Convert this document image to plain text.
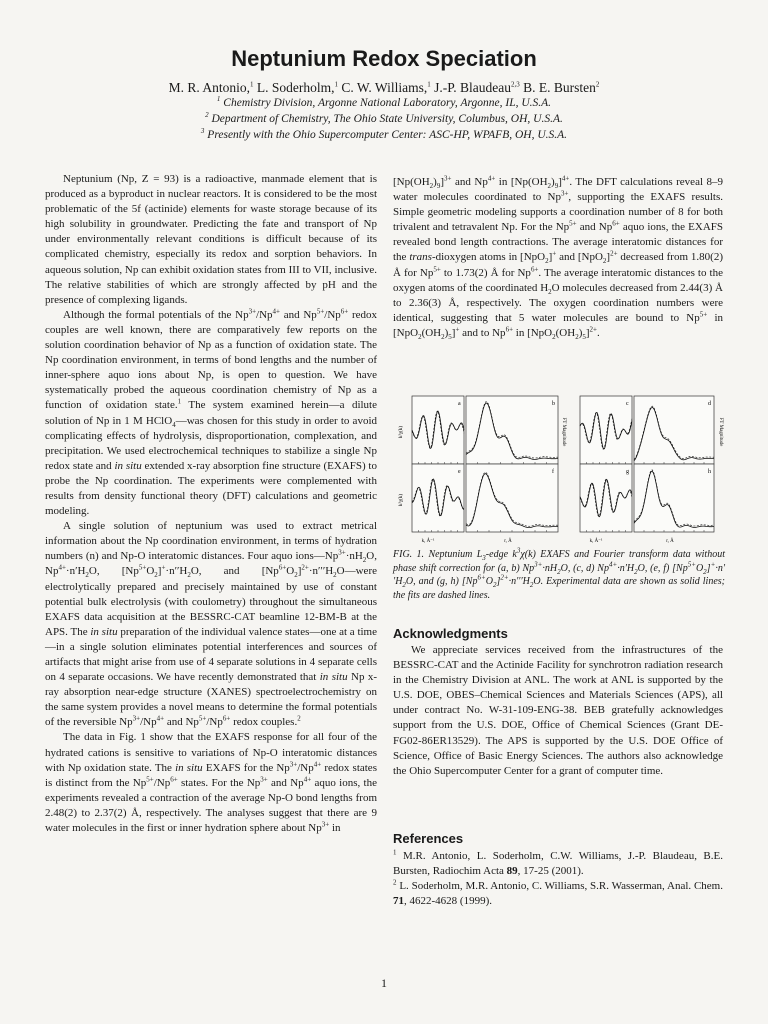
Neptunium Redox Speciation
M. R. Antonio,$^1$ L. Soderholm,$^1$ C. W. Williams,$^1$ J.-P. Blaudeau$^{2,3}$ B. E. Bursten$^2$
$^1$ Chemistry Division, Argonne National Laboratory, Argonne, IL, U.S.A.
$^2$ Department of Chemistry, The Ohio State University, Columbus, OH, U.S.A.
$^3$ Presently with the Ohio Supercomputer Center: ASC-HP, WPAFB, OH, U.S.A.

Neptunium (Np, Z = 93) is a radioactive, manmade element that is produced as a byproduct in nuclear reactors. It is considered to be the most problematic of the 5f (actinide) elements for waste storage because of its high solubility in groundwater. Predicting the fate and transport of Np under environmentally relevant conditions is difficult because of its complicated chemistry, especially its redox and sorption behaviors. In aqueous solution, Np can exhibit oxidation states from III to VII, inclusive. The relative stabilities of which are strongly affected by pH and the presence of complexing ligands.

Although the formal potentials of the $Np^{3+}/Np^{4+}$ and $Np^{5+}/Np^{6+}$ redox couples are well known, there are comparatively few reports on the solution coordination behavior of Np as a function of oxidation state. The Np coordination environment, in terms of bond lengths and the number of inner-sphere aquo ions about Np, is open to question. We have systematically probed the aqueous coordination chemistry of Np as a function of oxidation state.$^1$ The system examined herein—a dilute solution of Np in 1 M HClO$_4$—was chosen for this study in order to avoid complicating effects of hydrolysis, disproportionation, complexation, and precipitation. We used electrochemical techniques to stabilize a single Np redox state and in situ extended x-ray absorption fine structure (EXAFS) to probe the Np coordination. The experiments were complemented with results from density functional theory (DFT) calculations and geometric modeling.

A single solution of neptunium was used to extract metrical information about the Np coordination environment, in terms of hydration numbers (n) and Np-O interatomic distances. Four aquo $ions—Np^{3+}\cdot nH_2O$, $Np^{4+}\cdot n'H_2O$, $[Np^{5+}O_2]^+\cdot n''H_2O$, and $[Np^{6+}O_2]^{2+}\cdot n'''H_2O—were$ electrolytically prepared and precisely maintained by use of constant potential bulk electrolysis (with coulometry) throughout the simultaneous EXAFS data acquisition at the BESSRC-CAT beamline 12-BM-B at the APS. The in situ preparation of the individual valence states—one at a time—in a single solution eliminates potential interferences and sources of artifacts that might arise from use of 4 separate solutions in 4 separate cells on 4 separate occasions. We have recently demonstrated that in situ Np x-ray absorption near-edge structure (XANES) spectroelectrochemistry on the same system provides a novel means to determine the formal potentials of the reversible $Np^{3+}/Np^{4+}$ and $Np^{5+}/Np^{6+}$ redox couples.$^2$

The data in Fig. 1 show that the EXAFS response for all four of the hydrated cations is sensitive to variations of Np-O interatomic distances with Np oxidation state. The in situ EXAFS for the $Np^{3+}/Np^{4+}$ redox states is distinct from the $Np^{5+}/Np^{6+}$ states. For the $Np^{3+}$ and $Np^{4+}$ aquo ions, the experiments revealed a contraction of the average Np-O bond lengths from 2.48(2) to 2.37(2) Å, respectively. The analyses suggest that there are 9 water molecules in the first or inner hydration sphere about $Np^{3+}$ in

$[Np(OH_2)_9]^{3+}$ and $Np^{4+}$ in $[Np(OH_2)_9]^{4+}$. The DFT calculations reveal 8–9 water molecules coordinated to $Np^{3+}$, supporting the EXAFS results. Simple geometric modeling supports a coordination number of 8 for both trivalent and tetravalent Np. For the $Np^{5+}$ and $Np^{6+}$ aquo ions, the EXAFS revealed bond length contractions. The average interatomic distances for the trans-dioxygen atoms in [NpO$_2$]+ and $[NpO_2]^{2+}$ decreased from 1.80(2) Å for $Np^{5+}$ to 1.73(2) Å for $Np^{6+}$. The average interatomic distances to the oxygen atoms of the coordinated $H_2O$ molecules decreased from 2.44(3) Å to 2.36(3) Å, respectively. The oxygen coordination numbers were identical, suggesting that 5 water molecules are bound to $Np^{5+}$ in $[NpO_2(OH_2)_5]^+$ and to $Np^{6+}$ in $[NpO_2(OH_2)_5]^{2+}$.

a	b
e	f
c	d
g	h
k³χ(k)
k³χ(k)
FT Magnitude	FT Magnitude
k, Å⁻¹	r, Å	k, Å⁻¹	r, Å
FIG. 1. Neptunium $L_3$-edge $k^3\chi(k)$ EXAFS and Fourier transform data without phase shift correction for (a, b) $Np^{3+}\cdot nH_2O$, (c, d) $Np^{4+}\cdot n'H_2O$, (e, f) $[Np^{5+}O_2]^+\cdot n''H_2O$, and (g, h) $[Np^{6+}O_2]^{2+}\cdot n'''H_2O$. Experimental data are shown as solid lines; the fits are dashed lines.
Acknowledgments

We appreciate services received from the infrastructures of the BESSRC-CAT and the Actinide Facility for synchrotron radiation research in the Chemistry Division at ANL. The work at ANL is supported by the U.S. DOE, OBES–Chemical Sciences and Materials Sciences (APS), all under contract No. W-31-109-ENG-38. BEB gratefully acknowledges support from the U.S. DOE, Office of Chemical Sciences (Grant DE-FG02-86ER13529). The APS is supported by the U.S. DOE Office of Science, Office of Basic Energy Sciences. The authors also acknowledge the Ohio Supercomputer Center for a grant of computer time.

References

$^1$ M.R. Antonio, L. Soderholm, C.W. Williams, J.-P. Blaudeau, B.E. Bursten, Radiochim Acta 89, 17-25 (2001).

$^2$ L. Soderholm, M.R. Antonio, C. Williams, S.R. Wasserman, Anal. Chem. 71, 4622-4628 (1999).

1
